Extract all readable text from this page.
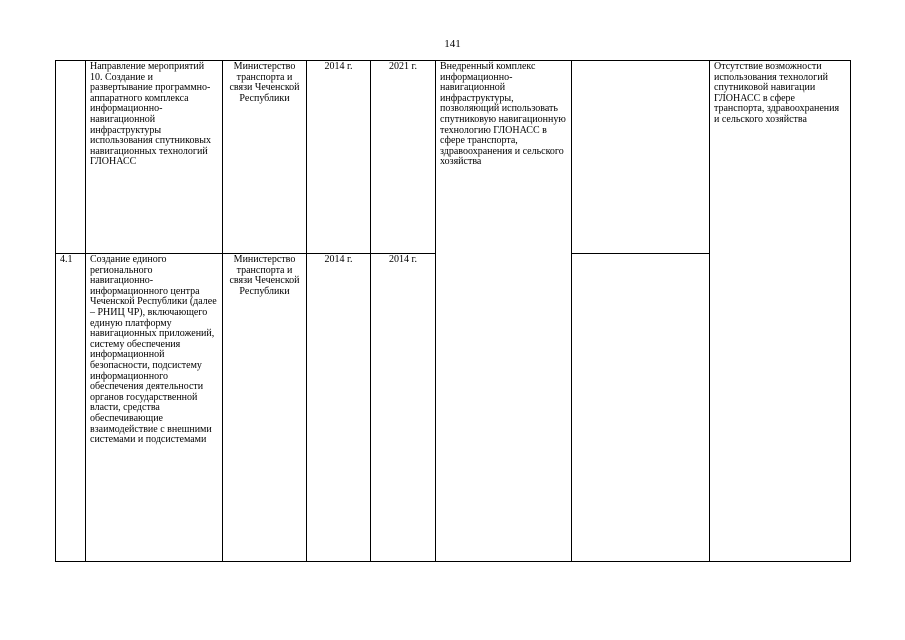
141
	Направление мероприятий 10. Создание и развертывание программно-аппаратного комплекса информационно-навигационной инфраструктуры использования спутниковых навигационных технологий ГЛОНАСС	Министерство транспорта и связи Чеченской Республики	2014 г.	2021 г.	Внедренный комплекс информационно-навигационной инфраструктуры, позволяющий использовать спутниковую навигационную технологию ГЛОНАСС в сфере транспорта, здравоохранения и сельского хозяйства		Отсутствие возможности использования технологий спутниковой навигации ГЛОНАСС в сфере транспорта, здравоохранения и сельского хозяйства
4.1	Создание единого регионального навигационно-информационного центра Чеченской Республики (далее – РНИЦ ЧР), включающего единую платформу навигационных приложений, систему обеспечения информационной безопасности, подсистему информационного обеспечения деятельности органов государственной власти, средства обеспечивающие взаимодействие с внешними системами и подсистемами	Министерство транспорта и связи Чеченской Республики	2014 г.	2014 г.			
